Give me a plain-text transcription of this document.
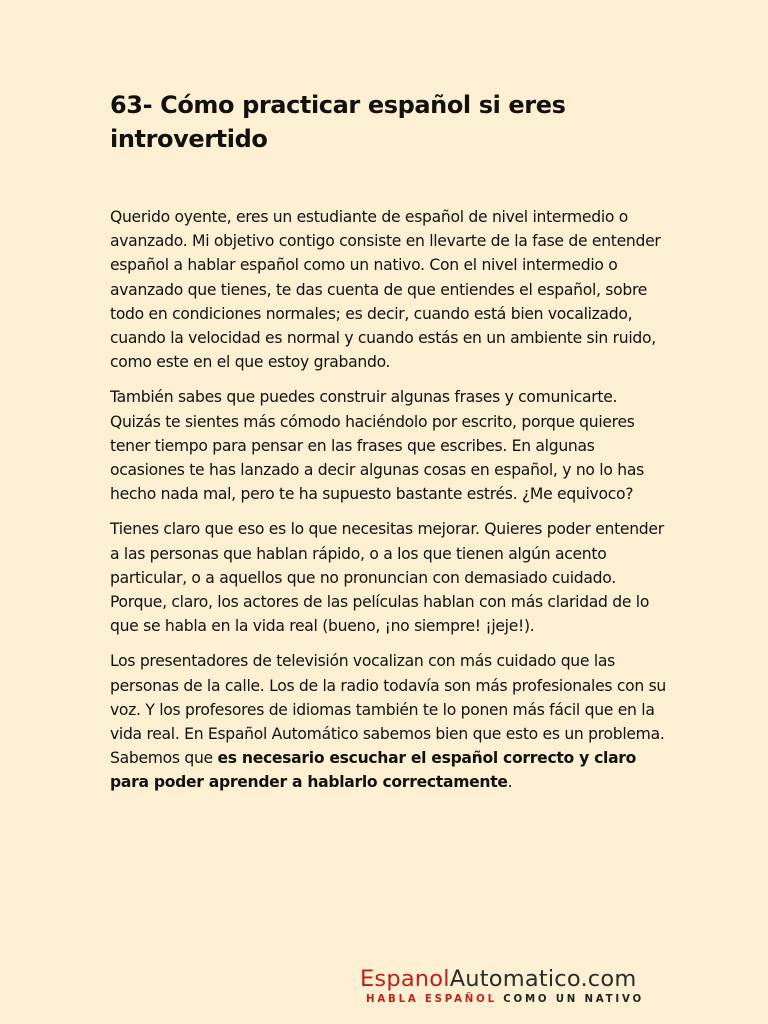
63- Cómo practicar español si eres introvertido

Querido oyente, eres un estudiante de español de nivel intermedio o avanzado. Mi objetivo contigo consiste en llevarte de la fase de entender español a hablar español como un nativo. Con el nivel intermedio o avanzado que tienes, te das cuenta de que entiendes el español, sobre todo en condiciones normales; es decir, cuando está bien vocalizado, cuando la velocidad es normal y cuando estás en un ambiente sin ruido, como este en el que estoy grabando.

También sabes que puedes construir algunas frases y comunicarte. Quizás te sientes más cómodo haciéndolo por escrito, porque quieres tener tiempo para pensar en las frases que escribes. En algunas ocasiones te has lanzado a decir algunas cosas en español, y no lo has hecho nada mal, pero te ha supuesto bastante estrés. ¿Me equivoco?

Tienes claro que eso es lo que necesitas mejorar. Quieres poder entender a las personas que hablan rápido, o a los que tienen algún acento particular, o a aquellos que no pronuncian con demasiado cuidado. Porque, claro, los actores de las películas hablan con más claridad de lo que se habla en la vida real (bueno, ¡no siempre! ¡jeje!).

Los presentadores de televisión vocalizan con más cuidado que las personas de la calle. Los de la radio todavía son más profesionales con su voz. Y los profesores de idiomas también te lo ponen más fácil que en la vida real. En Español Automático sabemos bien que esto es un problema. Sabemos que es necesario escuchar el español correcto y claro para poder aprender a hablarlo correctamente.

EspanolAutomatico.com
HABLA ESPAÑOL COMO UN NATIVO
